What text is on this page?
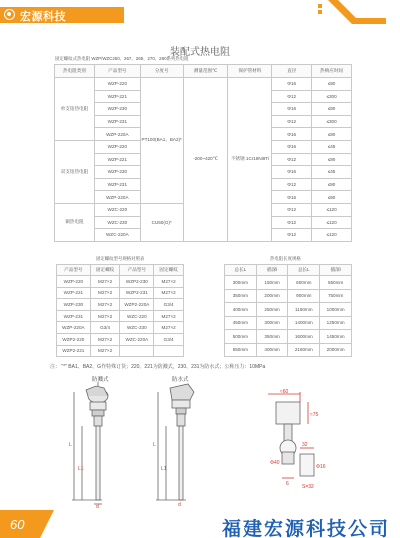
宏源科技
装配式热电阻
固定螺纹式热电阻 WZP/WZC260、267、269、270、280系列热电阻
热电阻类别	产品型号	分度号	测量范围℃	保护管材料	直径	热响应时间
单支铂热电阻	WZP-220	PT100(BA1、BA2)*	-200~420℃	不锈钢 1Cr18Ni9Ti	Φ16	≤90
	WZP-221				Φ12	≤300
	WZP-230				Φ16	≤90
	WZP-231				Φ12	≤300
	WZP-220A				Φ16	≤90
双支铂热电阻	WZP-220				Φ16	≤45
	WZP-221				Φ12	≤90
	WZP-230				Φ16	≤45
	WZP-231				Φ12	≤90
	WZP-220A				Φ16	≤90
铜热电阻	WZC-220	CU50(G)*			Φ12	≤120
	WZC-230				Φ12	≤120
	WZC-220A				Φ12	≤120
固定螺纹型号规格对照表
产品型号	固定螺纹	产品型号	固定螺纹
WZP-220	M27×2	WZP2-230	M27×2
WZP-221	M27×2	WZP2-231	M27×2
WZP-230	M27×2	WZP2-220A	G3/4
WZP-231	M27×2	WZC-220	M27×2
WZP-220A	G3/4	WZC-230	M27×2
WZP2-220	M27×2	WZC-220A	G3/4
WZP2-221	M27×2		
热电阻长度规格
总长L	插深l	总长L	插深l
300mm	150mm	600mm	550mm
350mm	200mm	900mm	750mm
400mm	250mm	1150mm	1000mm
450mm	300mm	1400mm	1250mm
500mm	350mm	1600mm	1450mm
550mm	400mm	2160mm	2000mm
注： "*" BA1、BA2、G作特殊订货；220、221为防溅式，230、231为防水式；公称压力：10MPa
防溅式	防水式
L1
L
d
L1
L
d
≈60
≈75
32
6	S=32
Φ40
Φ16
60	福建宏源科技公司
